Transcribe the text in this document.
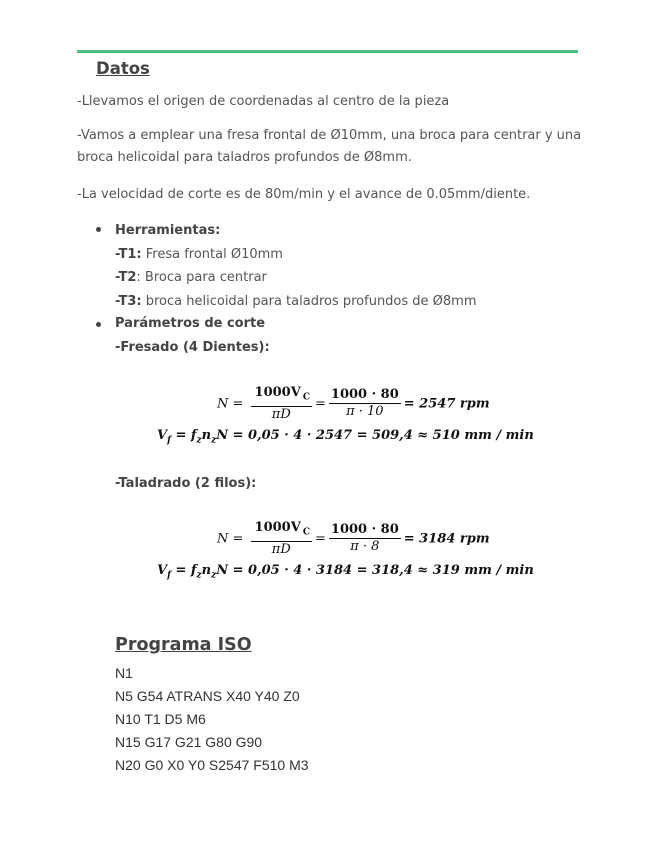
Datos

-Llevamos el origen de coordenadas al centro de la pieza

-Vamos a emplear una fresa frontal de Ø10mm, una broca para centrar y una
broca helicoidal para taladros profundos de Ø8mm.

-La velocidad de corte es de 80m/min y el avance de 0.05mm/diente.

Herramientas:
-T1: Fresa frontal Ø10mm
-T2: Broca para centrar
-T3: broca helicoidal para taladros profundos de Ø8mm

Parámetros de corte

-Fresado (4 Dientes):

$N = \frac{1000V _C}{\pi D} = \frac{1000 \cdot 80}{\pi \cdot 10} = 2547$ rpm
$V_f = f_zn_zN = 0,05 \cdot 4 \cdot 2547 = 509,4 \approx 510$ mm / min

-Taladrado (2 filos):

$N = \frac{1000V _C}{\pi D} = \frac{1000 \cdot 80}{\pi \cdot 8} = 3184$ rpm
$V_f = f_zn_zN = 0,05 \cdot 4 \cdot 3184 = 318,4 \approx 319$ mm / min
Programa ISO
N1
N5 G54 ATRANS X40 Y40 Z0
N10 T1 D5 M6
N15 G17 G21 G80 G90
N20 G0 X0 Y0 S2547 F510 M3
